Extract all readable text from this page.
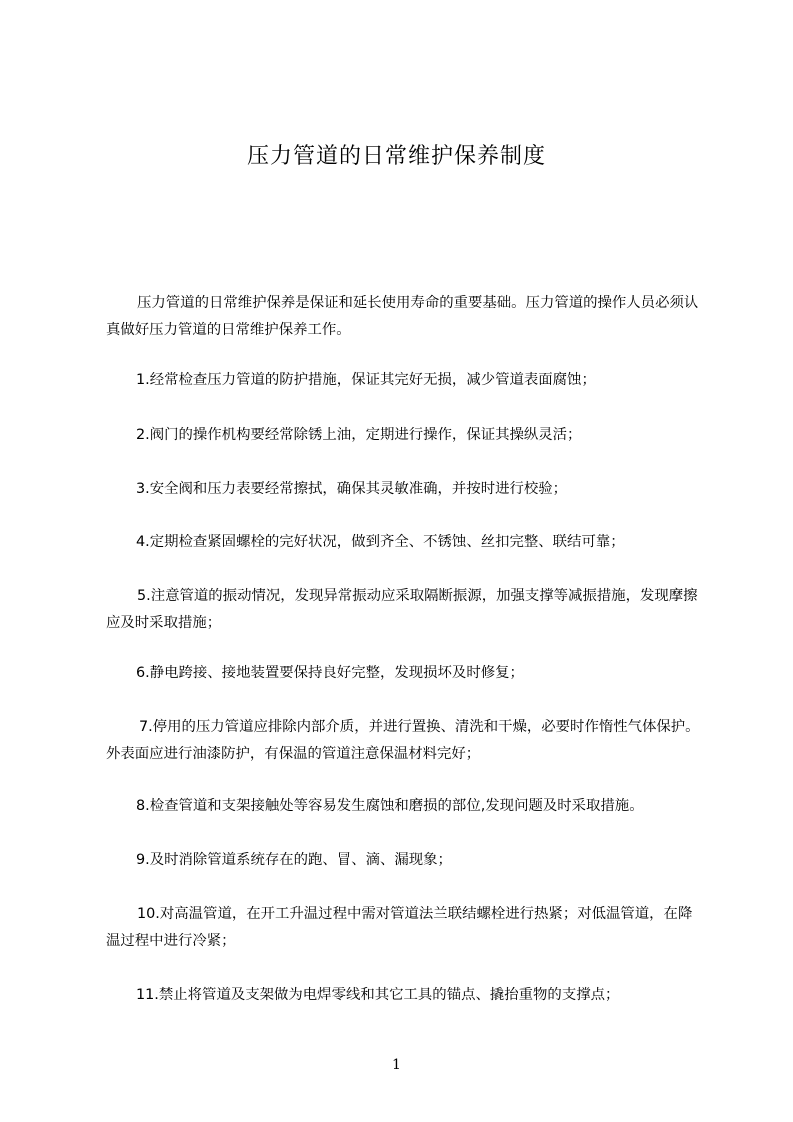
压力管道的日常维护保养制度

压力管道的日常维护保养是保证和延长使用寿命的重要基础。压力管道的操作人员必须认真做好压力管道的日常维护保养工作。

1.经常检查压力管道的防护措施，保证其完好无损，减少管道表面腐蚀；

2.阀门的操作机构要经常除锈上油，定期进行操作，保证其操纵灵活；

3.安全阀和压力表要经常擦拭，确保其灵敏准确，并按时进行校验；

4.定期检查紧固螺栓的完好状况，做到齐全、不锈蚀、丝扣完整、联结可靠；

5.注意管道的振动情况，发现异常振动应采取隔断振源，加强支撑等减振措施，发现摩擦应及时采取措施；

6.静电跨接、接地装置要保持良好完整，发现损坏及时修复；

7.停用的压力管道应排除内部介质，并进行置换、清洗和干燥，必要时作惰性气体保护。外表面应进行油漆防护，有保温的管道注意保温材料完好；

8.检查管道和支架接触处等容易发生腐蚀和磨损的部位,发现问题及时采取措施。

9.及时消除管道系统存在的跑、冒、滴、漏现象；

10.对高温管道，在开工升温过程中需对管道法兰联结螺栓进行热紧；对低温管道，在降温过程中进行冷紧；

11.禁止将管道及支架做为电焊零线和其它工具的锚点、撬抬重物的支撑点；

1
